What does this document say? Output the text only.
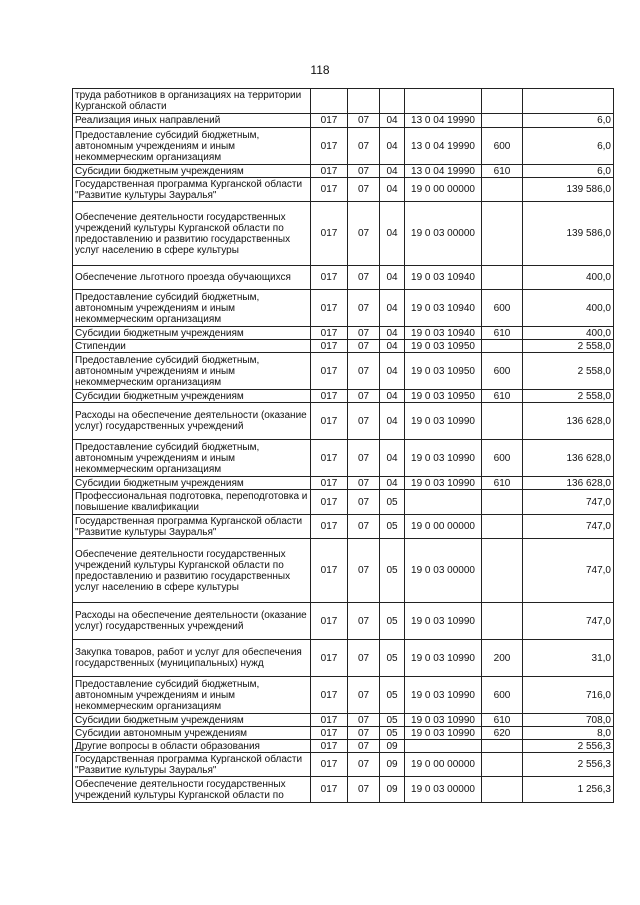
118
труда работников в организациях на территории Курганской области						
Реализация иных направлений	017	07	04	13 0 04 19990		6,0
Предоставление субсидий бюджетным, автономным учреждениям и иным некоммерческим организациям	017	07	04	13 0 04 19990	600	6,0
Субсидии бюджетным учреждениям	017	07	04	13 0 04 19990	610	6,0
Государственная программа Курганской области "Развитие культуры Зауралья"	017	07	04	19 0 00 00000		139 586,0
Обеспечение деятельности государственных учреждений культуры Курганской области по предоставлению и развитию государственных услуг населению в сфере культуры	017	07	04	19 0 03 00000		139 586,0
Обеспечение льготного проезда обучающихся	017	07	04	19 0 03 10940		400,0
Предоставление субсидий бюджетным, автономным учреждениям и иным некоммерческим организациям	017	07	04	19 0 03 10940	600	400,0
Субсидии бюджетным учреждениям	017	07	04	19 0 03 10940	610	400,0
Стипендии	017	07	04	19 0 03 10950		2 558,0
Предоставление субсидий бюджетным, автономным учреждениям и иным некоммерческим организациям	017	07	04	19 0 03 10950	600	2 558,0
Субсидии бюджетным учреждениям	017	07	04	19 0 03 10950	610	2 558,0
Расходы на обеспечение деятельности (оказание услуг) государственных учреждений	017	07	04	19 0 03 10990		136 628,0
Предоставление субсидий бюджетным, автономным учреждениям и иным некоммерческим организациям	017	07	04	19 0 03 10990	600	136 628,0
Субсидии бюджетным учреждениям	017	07	04	19 0 03 10990	610	136 628,0
Профессиональная подготовка, переподготовка и повышение квалификации	017	07	05			747,0
Государственная программа Курганской области "Развитие культуры Зауралья"	017	07	05	19 0 00 00000		747,0
Обеспечение деятельности государственных учреждений культуры Курганской области по предоставлению и развитию государственных услуг населению в сфере культуры	017	07	05	19 0 03 00000		747,0
Расходы на обеспечение деятельности (оказание услуг) государственных учреждений	017	07	05	19 0 03 10990		747,0
Закупка товаров, работ и услуг для обеспечения государственных (муниципальных) нужд	017	07	05	19 0 03 10990	200	31,0
Предоставление субсидий бюджетным, автономным учреждениям и иным некоммерческим организациям	017	07	05	19 0 03 10990	600	716,0
Субсидии бюджетным учреждениям	017	07	05	19 0 03 10990	610	708,0
Субсидии автономным учреждениям	017	07	05	19 0 03 10990	620	8,0
Другие вопросы в области образования	017	07	09			2 556,3
Государственная программа Курганской области "Развитие культуры Зауралья"	017	07	09	19 0 00 00000		2 556,3
Обеспечение деятельности государственных учреждений культуры Курганской области по	017	07	09	19 0 03 00000		1 256,3
